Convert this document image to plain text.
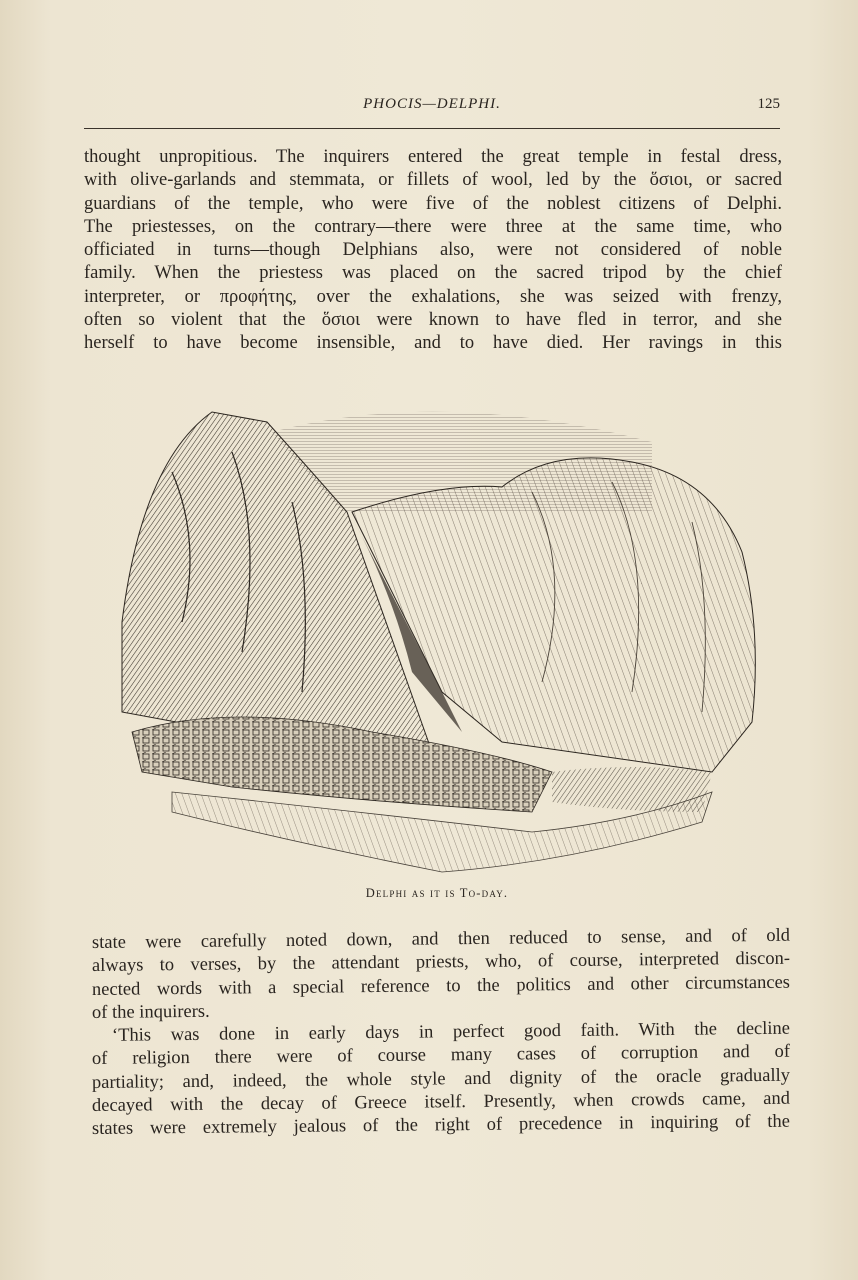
PHOCIS—DELPHI.	125
thought unpropitious. The inquirers entered the great temple in festal dress,
with olive-garlands and stemmata, or fillets of wool, led by the ὅσιοι, or sacred
guardians of the temple, who were five of the noblest citizens of Delphi.
The priestesses, on the contrary—there were three at the same time, who
officiated in turns—though Delphians also, were not considered of noble
family. When the priestess was placed on the sacred tripod by the chief
interpreter, or προφήτης, over the exhalations, she was seized with frenzy,
often so violent that the ὅσιοι were known to have fled in terror, and she
herself to have become insensible, and to have died. Her ravings in this
Delphi as it is To-day.
state were carefully noted down, and then reduced to sense, and of old
always to verses, by the attendant priests, who, of course, interpreted discon-
nected words with a special reference to the politics and other circumstances
of the inquirers.
‘This was done in early days in perfect good faith. With the decline
of religion there were of course many cases of corruption and of
partiality; and, indeed, the whole style and dignity of the oracle gradually
decayed with the decay of Greece itself. Presently, when crowds came, and
states were extremely jealous of the right of precedence in inquiring of the
